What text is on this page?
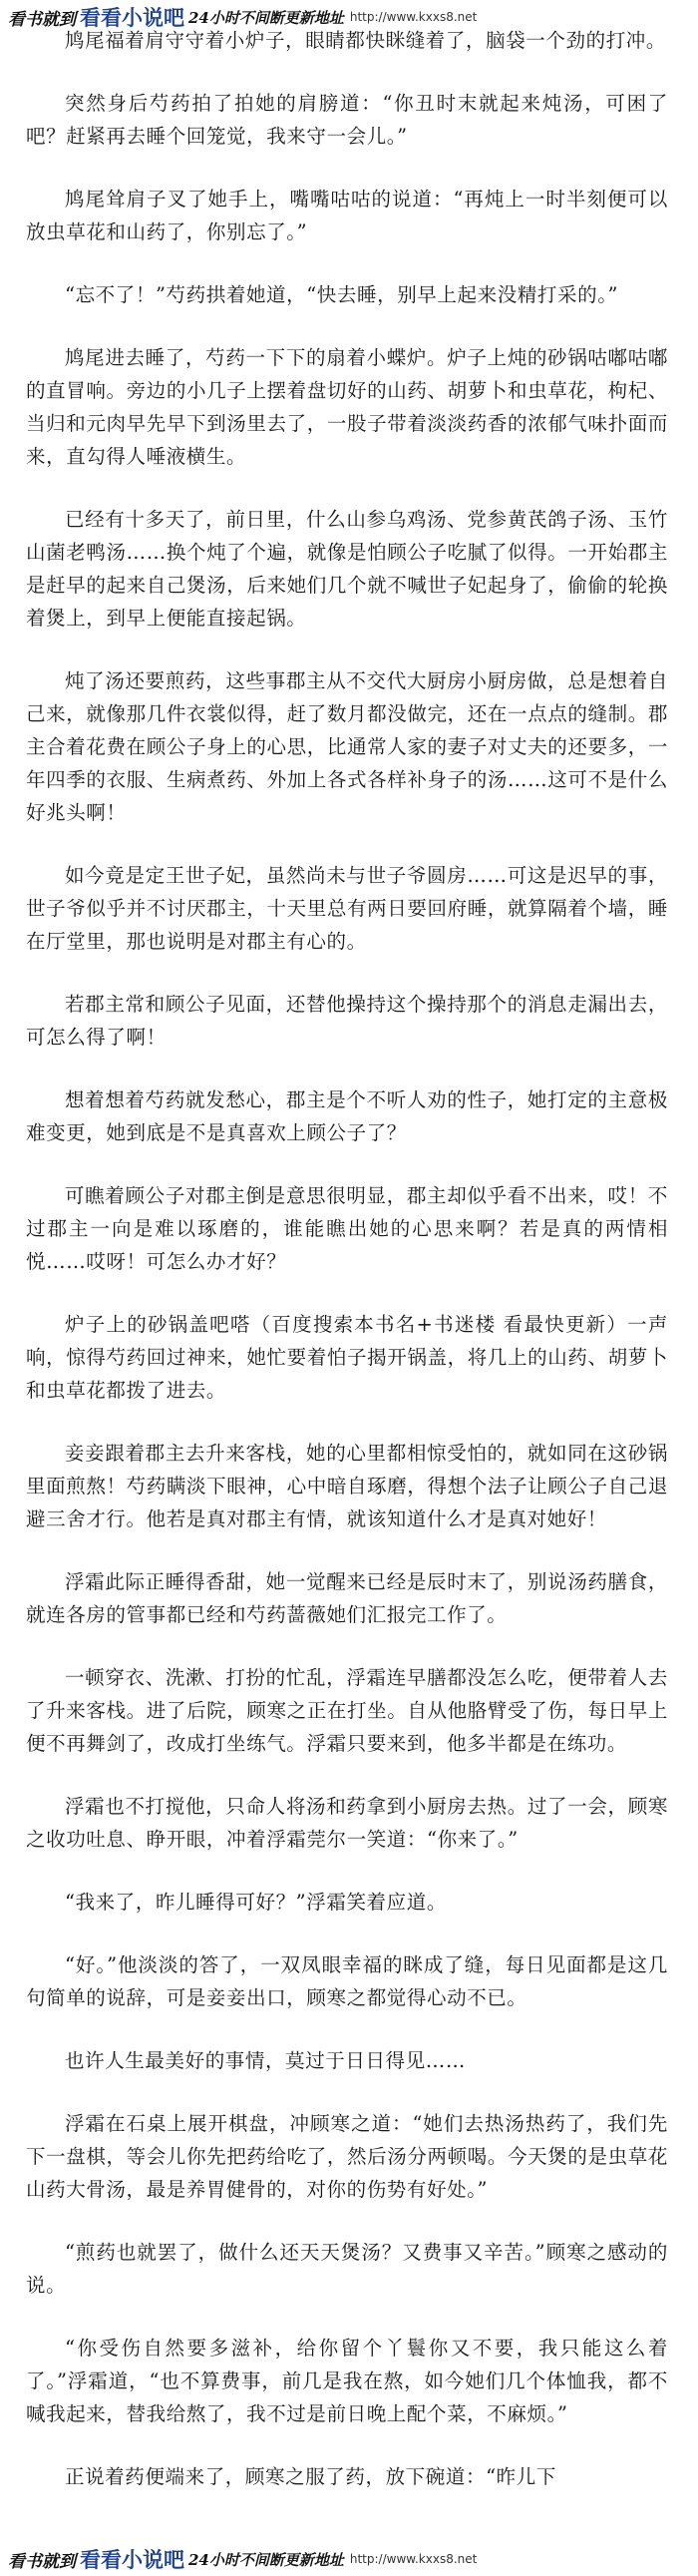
看书就到 看看小说吧 24小时不间断更新地址 http://www.kxxs8.net

鸠尾福着肩守守着小炉子，眼睛都快眯缝着了，脑袋一个劲的打冲。

突然身后芍药拍了拍她的肩膀道：“你丑时末就起来炖汤，可困了吧？赶紧再去睡个回笼觉，我来守一会儿。”

鸠尾耸肩子叉了她手上，嘴嘴咕咕的说道：“再炖上一时半刻便可以放虫草花和山药了，你别忘了。”

“忘不了！”芍药拱着她道，“快去睡，别早上起来没精打采的。”

鸠尾进去睡了，芍药一下下的扇着小蝶炉。炉子上炖的砂锅咕嘟咕嘟的直冒响。旁边的小几子上摆着盘切好的山药、胡萝卜和虫草花，枸杞、当归和元肉早先早下到汤里去了，一股子带着淡淡药香的浓郁气味扑面而来，直勾得人唾液横生。

已经有十多天了，前日里，什么山参乌鸡汤、党参黄芪鸽子汤、玉竹山菌老鸭汤……换个炖了个遍，就像是怕顾公子吃腻了似得。一开始郡主是赶早的起来自己煲汤，后来她们几个就不喊世子妃起身了，偷偷的轮换着煲上，到早上便能直接起锅。

炖了汤还要煎药，这些事郡主从不交代大厨房小厨房做，总是想着自己来，就像那几件衣裳似得，赶了数月都没做完，还在一点点的缝制。郡主合着花费在顾公子身上的心思，比通常人家的妻子对丈夫的还要多，一年四季的衣服、生病煮药、外加上各式各样补身子的汤……这可不是什么好兆头啊！

如今竟是定王世子妃，虽然尚未与世子爷圆房……可这是迟早的事，世子爷似乎并不讨厌郡主，十天里总有两日要回府睡，就算隔着个墙，睡在厅堂里，那也说明是对郡主有心的。

若郡主常和顾公子见面，还替他操持这个操持那个的消息走漏出去，可怎么得了啊！

想着想着芍药就发愁心，郡主是个不听人劝的性子，她打定的主意极难变更，她到底是不是真喜欢上顾公子了？

可瞧着顾公子对郡主倒是意思很明显，郡主却似乎看不出来，哎！不过郡主一向是难以琢磨的，谁能瞧出她的心思来啊？若是真的两情相悦……哎呀！可怎么办才好？

炉子上的砂锅盖吧嗒（百度搜索本书名+书迷楼 看最快更新）一声响，惊得芍药回过神来，她忙要着怕子揭开锅盖，将几上的山药、胡萝卜和虫草花都拨了进去。

妾妾跟着郡主去升来客栈，她的心里都相惊受怕的，就如同在这砂锅里面煎熬！芍药瞒淡下眼神，心中暗自琢磨，得想个法子让顾公子自己退避三舍才行。他若是真对郡主有情，就该知道什么才是真对她好！

浮霜此际正睡得香甜，她一觉醒来已经是辰时末了，别说汤药膳食，就连各房的管事都已经和芍药蔷薇她们汇报完工作了。

一顿穿衣、洗漱、打扮的忙乱，浮霜连早膳都没怎么吃，便带着人去了升来客栈。进了后院，顾寒之正在打坐。自从他胳臂受了伤，每日早上便不再舞剑了，改成打坐练气。浮霜只要来到，他多半都是在练功。

浮霜也不打搅他，只命人将汤和药拿到小厨房去热。过了一会，顾寒之收功吐息、睁开眼，冲着浮霜莞尔一笑道：“你来了。”

“我来了，昨儿睡得可好？”浮霜笑着应道。

“好。”他淡淡的答了，一双凤眼幸福的眯成了缝，每日见面都是这几句简单的说辞，可是妾妾出口，顾寒之都觉得心动不已。

也许人生最美好的事情，莫过于日日得见……

浮霜在石桌上展开棋盘，冲顾寒之道：“她们去热汤热药了，我们先下一盘棋，等会儿你先把药给吃了，然后汤分两顿喝。今天煲的是虫草花山药大骨汤，最是养胃健骨的，对你的伤势有好处。”

“煎药也就罢了，做什么还天天煲汤？又费事又辛苦。”顾寒之感动的说。

“你受伤自然要多滋补，给你留个丫鬟你又不要，我只能这么着了。”浮霜道，“也不算费事，前几是我在熬，如今她们几个体恤我，都不喊我起来，替我给熬了，我不过是前日晚上配个菜，不麻烦。”

正说着药便端来了，顾寒之服了药，放下碗道：“昨儿下

看书就到 看看小说吧 24小时不间断更新地址 http://www.kxxs8.net
